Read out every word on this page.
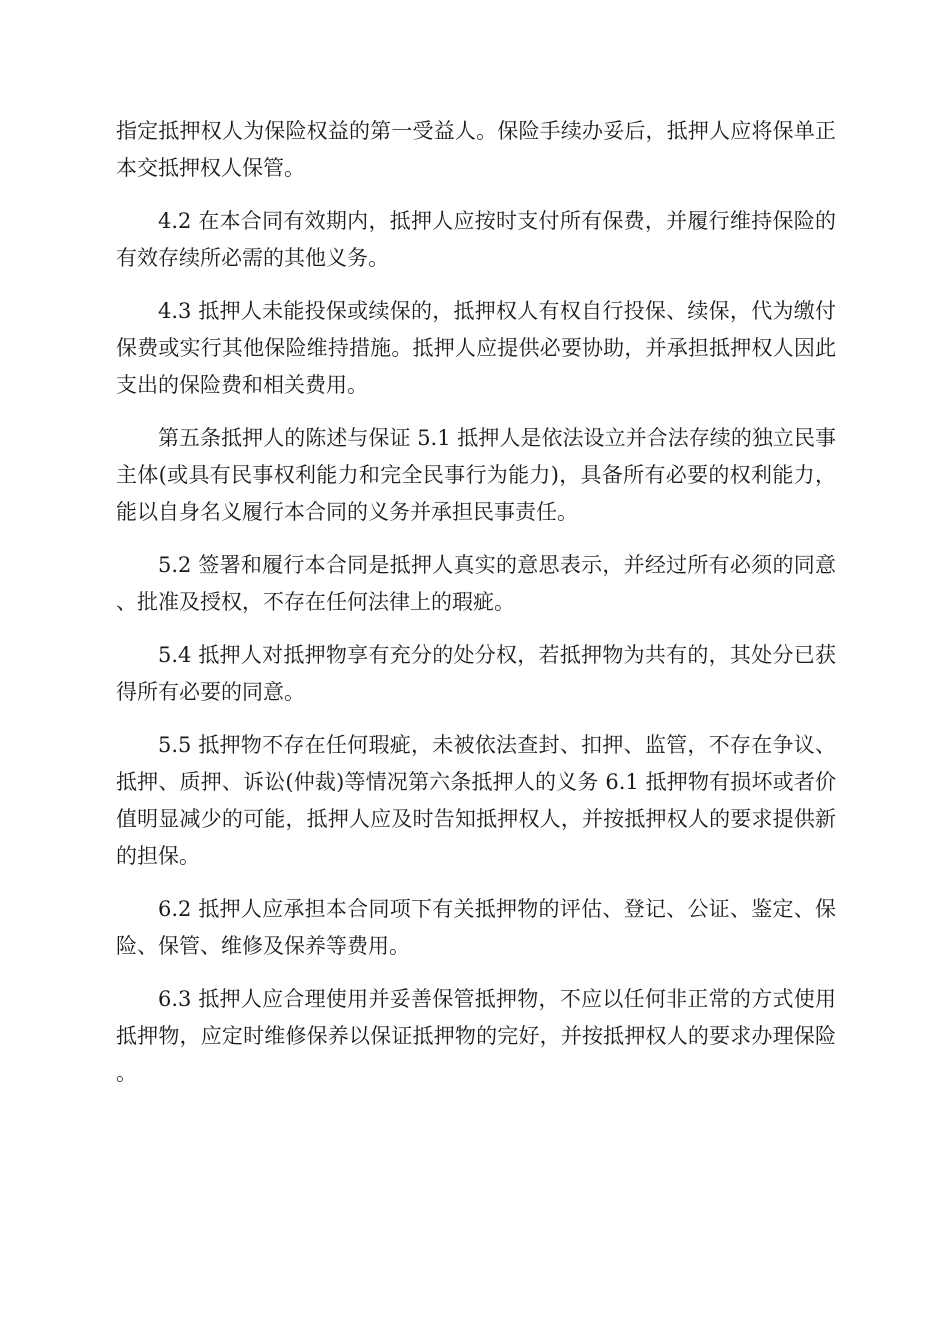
指定抵押权人为保险权益的第一受益人。保险手续办妥后，抵押人应将保单正本交抵押权人保管。

4.2 在本合同有效期内，抵押人应按时支付所有保费，并履行维持保险的有效存续所必需的其他义务。

4.3 抵押人未能投保或续保的，抵押权人有权自行投保、续保，代为缴付保费或实行其他保险维持措施。抵押人应提供必要协助，并承担抵押权人因此支出的保险费和相关费用。

第五条抵押人的陈述与保证 5.1 抵押人是依法设立并合法存续的独立民事主体(或具有民事权利能力和完全民事行为能力)，具备所有必要的权利能力，能以自身名义履行本合同的义务并承担民事责任。

5.2 签署和履行本合同是抵押人真实的意思表示，并经过所有必须的同意、批准及授权，不存在任何法律上的瑕疵。

5.4 抵押人对抵押物享有充分的处分权，若抵押物为共有的，其处分已获得所有必要的同意。

5.5 抵押物不存在任何瑕疵，未被依法查封、扣押、监管，不存在争议、抵押、质押、诉讼(仲裁)等情况第六条抵押人的义务 6.1 抵押物有损坏或者价值明显减少的可能，抵押人应及时告知抵押权人，并按抵押权人的要求提供新的担保。

6.2 抵押人应承担本合同项下有关抵押物的评估、登记、公证、鉴定、保险、保管、维修及保养等费用。

6.3 抵押人应合理使用并妥善保管抵押物，不应以任何非正常的方式使用抵押物，应定时维修保养以保证抵押物的完好，并按抵押权人的要求办理保险。
